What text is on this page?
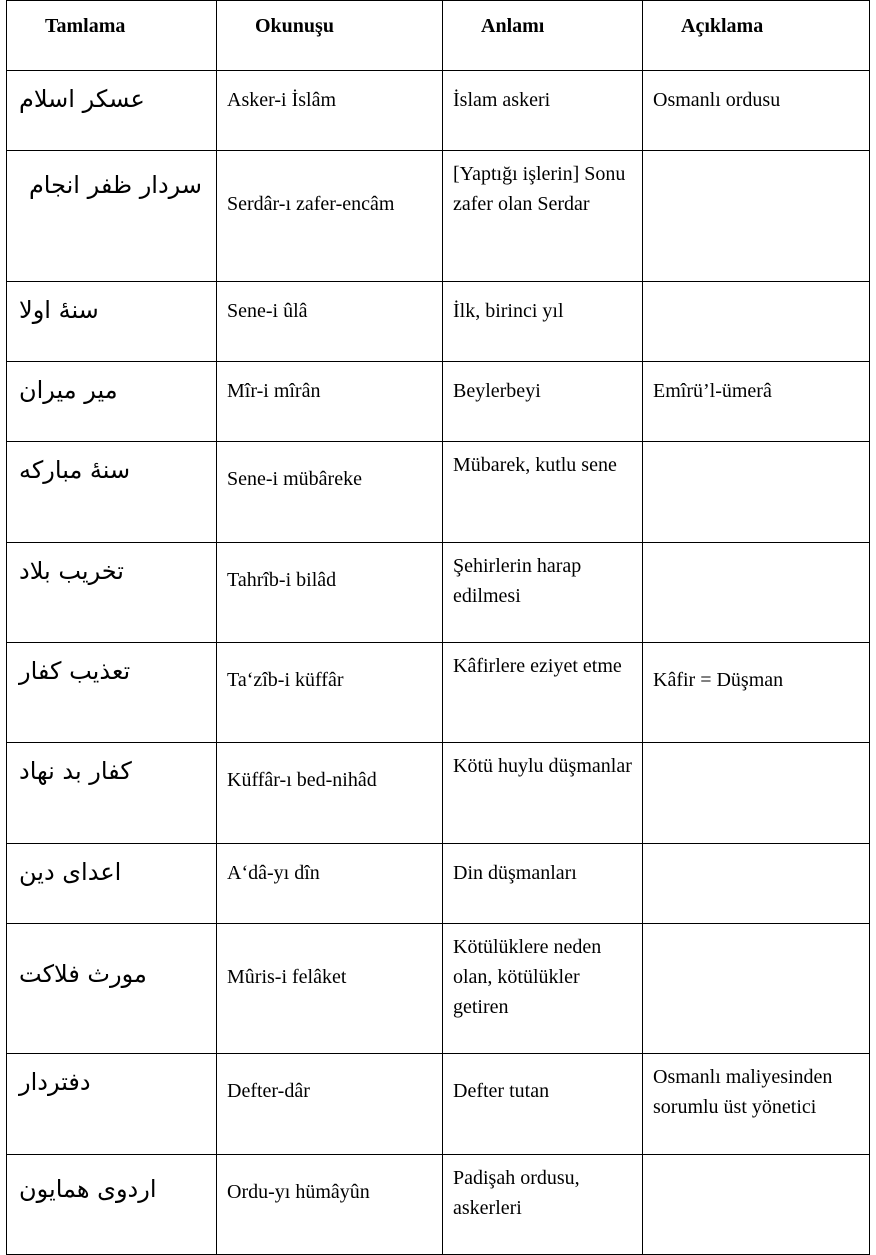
Tamlama	Okunuşu	Anlamı	Açıklama

عسكر اسلام	Asker-i İslâm	İslam askeri	Osmanlı ordusu

سردار ظفر انجام	Serdâr-ı zafer-encâm	[Yaptığı işlerin] Sonu zafer olan Serdar	

سنهٔ اولا	Sene-i ûlâ	İlk, birinci yıl	

مير ميران	Mîr-i mîrân	Beylerbeyi	Emîrü’l-ümerâ

سنهٔ مباركه	Sene-i mübâreke	Mübarek, kutlu sene	

تخريب بلاد	Tahrîb-i bilâd	Şehirlerin harap edilmesi	

تعذيب كفار	Ta‘zîb-i küffâr	Kâfirlere eziyet etme	Kâfir = Düşman

كفار بد نهاد	Küffâr-ı bed-nihâd	Kötü huylu düşmanlar	

اعداى دين	A‘dâ-yı dîn	Din düşmanları	

مورث فلاكت	Mûris-i felâket	Kötülüklere neden olan, kötülükler getiren	

دفتردار	Defter-dâr	Defter tutan	Osmanlı maliyesinden sorumlu üst yönetici

اردوى همايون	Ordu-yı hümâyûn	Padişah ordusu, askerleri	
